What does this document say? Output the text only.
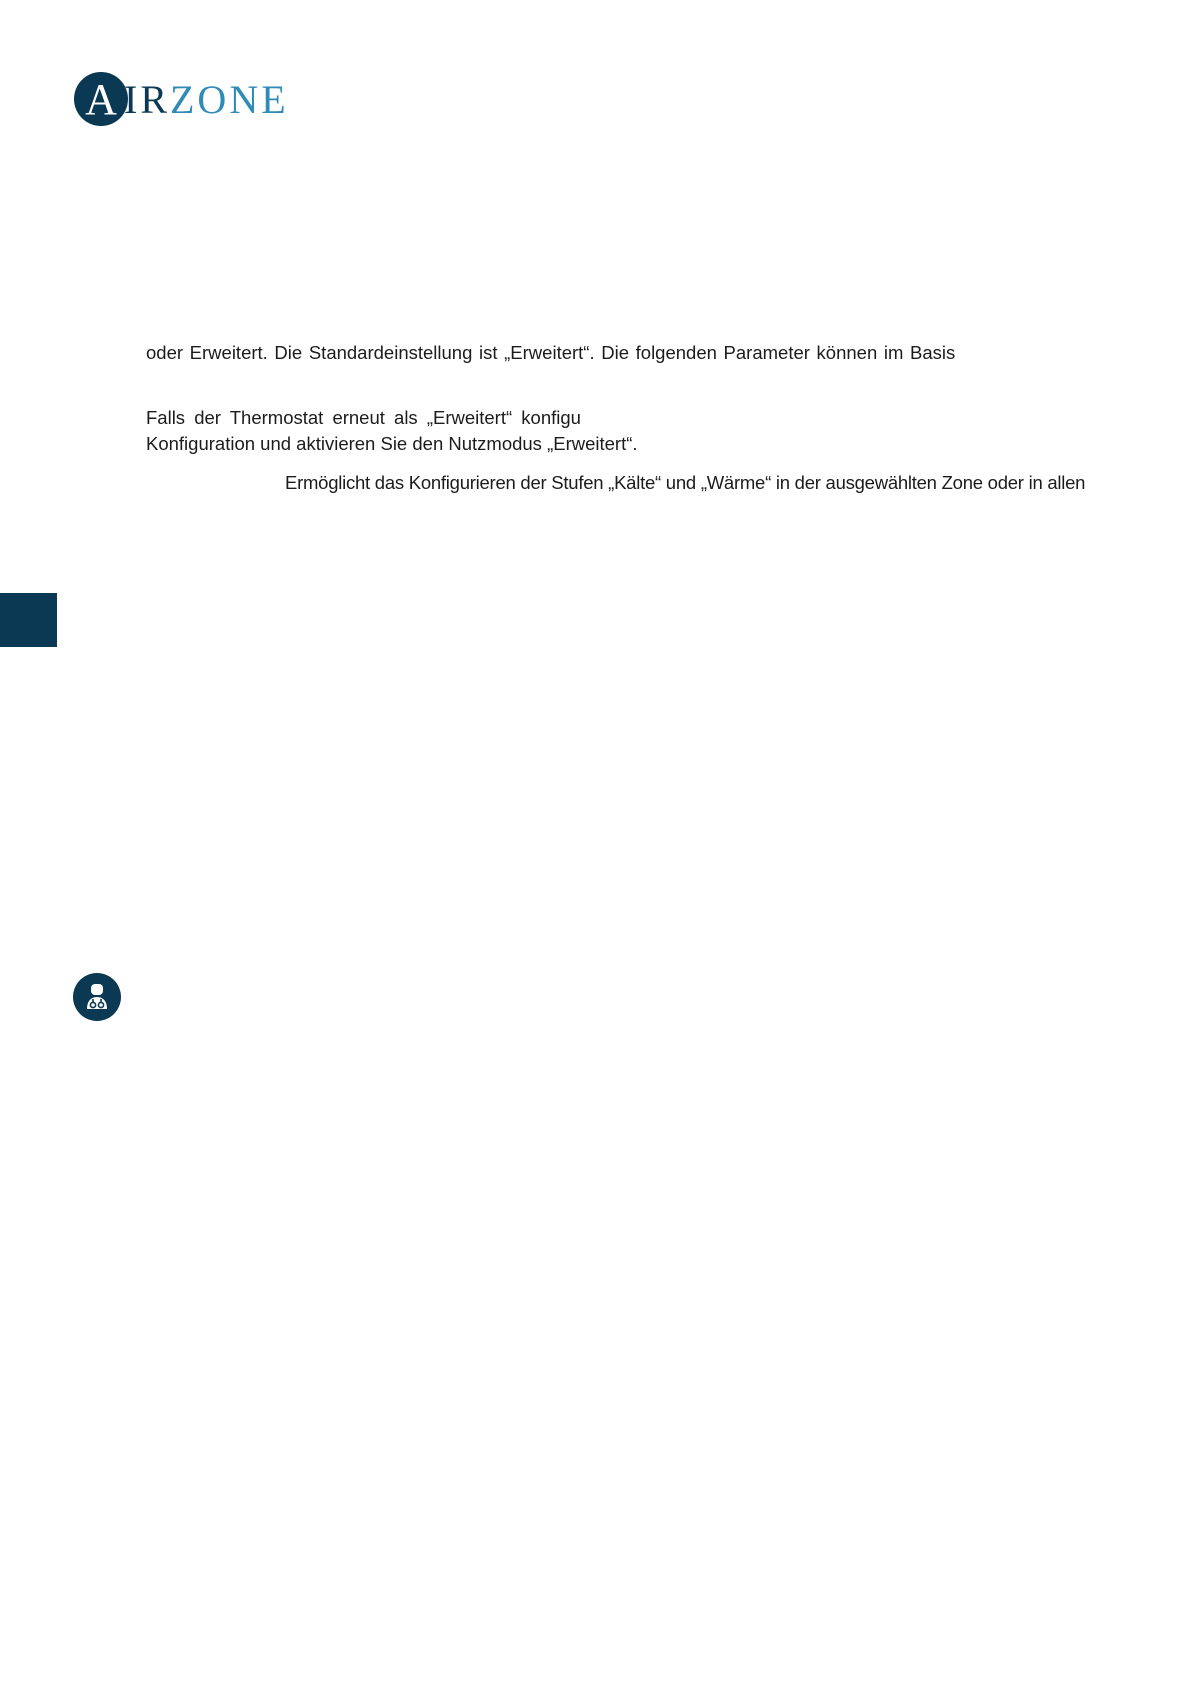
A IRZONE
oder Erweitert. Die Standardeinstellung ist „Erweitert“. Die folgenden Parameter können im Basis
Falls der Thermostat erneut als „Erweitert“ konfigu
Konfiguration und aktivieren Sie den Nutzmodus „Erweitert“.
Ermöglicht das Konfigurieren der Stufen „Kälte“ und „Wärme“ in der ausgewählten Zone oder in allen
